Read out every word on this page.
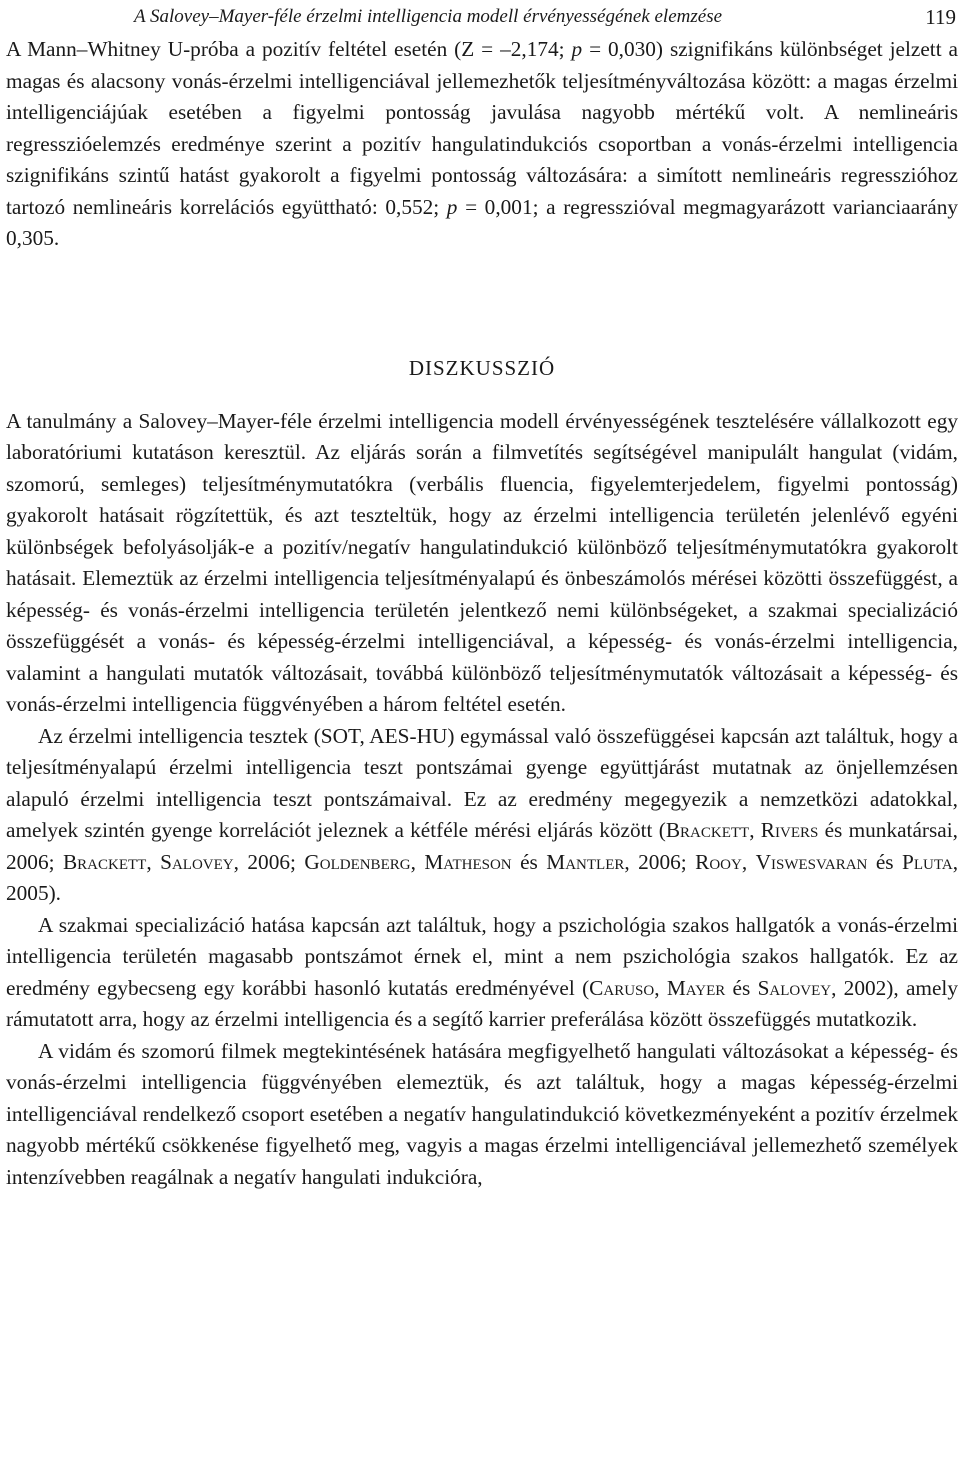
A Salovey–Mayer-féle érzelmi intelligencia modell érvényességének elemzése	119

A Mann–Whitney U-próba a pozitív feltétel esetén (Z = –2,174; p = 0,030) szignifikáns különbséget jelzett a magas és alacsony vonás-érzelmi intelligenciával jellemezhetők teljesítményváltozása között: a magas érzelmi intelligenciájúak esetében a figyelmi pontosság javulása nagyobb mértékű volt. A nemlineáris regresszióelemzés eredménye szerint a pozitív hangulatindukciós csoportban a vonás-érzelmi intelligencia szignifikáns szintű hatást gyakorolt a figyelmi pontosság változására: a simított nemlineáris regresszióhoz tartozó nemlineáris korrelációs együttható: 0,552; p = 0,001; a regresszióval megmagyarázott varianciaarány 0,305.

DISZKUSSZIÓ

A tanulmány a Salovey–Mayer-féle érzelmi intelligencia modell érvényességének tesztelésére vállalkozott egy laboratóriumi kutatáson keresztül. Az eljárás során a filmvetítés segítségével manipulált hangulat (vidám, szomorú, semleges) teljesítménymutatókra (verbális fluencia, figyelemterjedelem, figyelmi pontosság) gyakorolt hatásait rögzítettük, és azt teszteltük, hogy az érzelmi intelligencia területén jelenlévő egyéni különbségek befolyásolják-e a pozitív/negatív hangulatindukció különböző teljesítménymutatókra gyakorolt hatásait. Elemeztük az érzelmi intelligencia teljesítményalapú és önbeszámolós mérései közötti összefüggést, a képesség- és vonás-érzelmi intelligencia területén jelentkező nemi különbségeket, a szakmai specializáció összefüggését a vonás- és képesség-érzelmi intelligenciával, a képesség- és vonás-érzelmi intelligencia, valamint a hangulati mutatók változásait, továbbá különböző teljesítménymutatók változásait a képesség- és vonás-érzelmi intelligencia függvényében a három feltétel esetén.

Az érzelmi intelligencia tesztek (SOT, AES-HU) egymással való összefüggései kapcsán azt találtuk, hogy a teljesítményalapú érzelmi intelligencia teszt pontszámai gyenge együttjárást mutatnak az önjellemzésen alapuló érzelmi intelligencia teszt pontszámaival. Ez az eredmény megegyezik a nemzetközi adatokkal, amelyek szintén gyenge korrelációt jeleznek a kétféle mérési eljárás között (Brackett, Rivers és munkatársai, 2006; Brackett, Salovey, 2006; Goldenberg, Matheson és Mantler, 2006; Rooy, Viswesvaran és Pluta, 2005).

A szakmai specializáció hatása kapcsán azt találtuk, hogy a pszichológia szakos hallgatók a vonás-érzelmi intelligencia területén magasabb pontszámot érnek el, mint a nem pszichológia szakos hallgatók. Ez az eredmény egybecseng egy korábbi hasonló kutatás eredményével (Caruso, Mayer és Salovey, 2002), amely rámutatott arra, hogy az érzelmi intelligencia és a segítő karrier preferálása között összefüggés mutatkozik.

A vidám és szomorú filmek megtekintésének hatására megfigyelhető hangulati változásokat a képesség- és vonás-érzelmi intelligencia függvényében elemeztük, és azt találtuk, hogy a magas képesség-érzelmi intelligenciával rendelkező csoport esetében a negatív hangulatindukció következményeként a pozitív érzelmek nagyobb mértékű csökkenése figyelhető meg, vagyis a magas érzelmi intelligenciával jellemezhető személyek intenzívebben reagálnak a negatív hangulati indukcióra,
